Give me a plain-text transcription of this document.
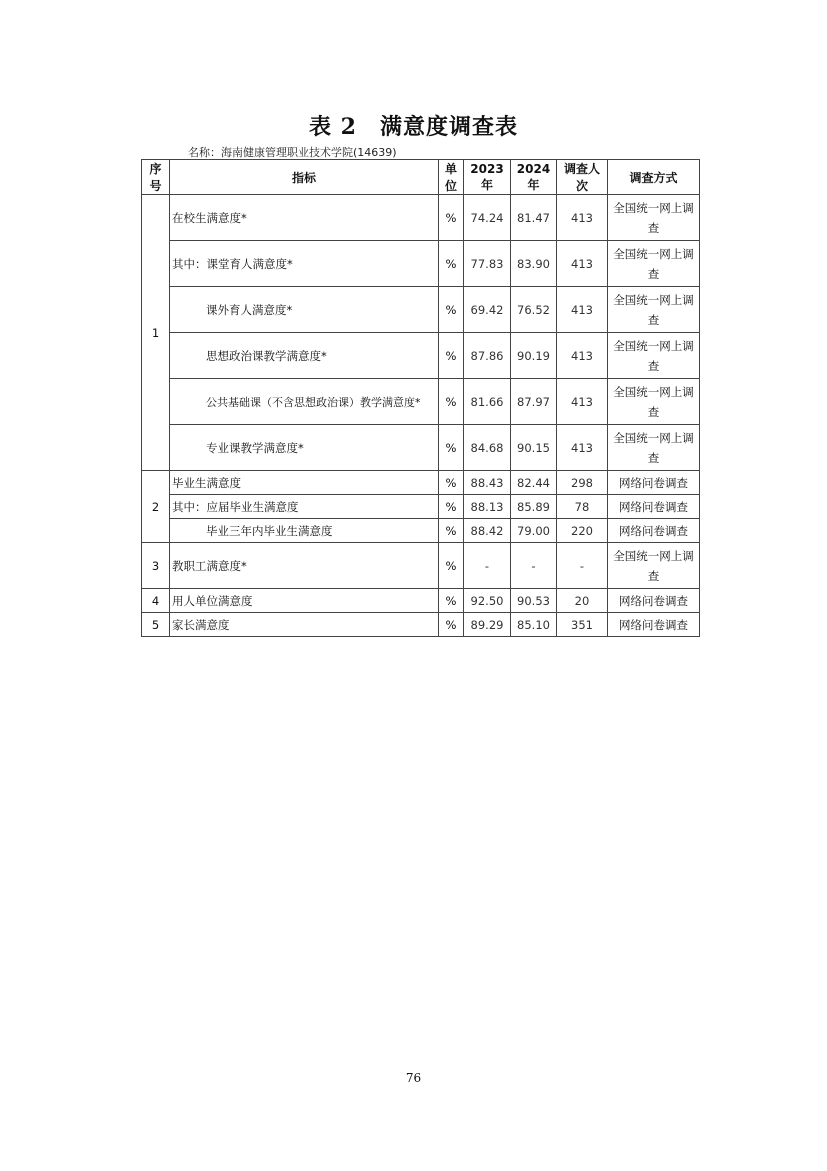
表 2　满意度调查表
名称：海南健康管理职业技术学院(14639)
序号	指标	单位	2023年	2024年	调查人次	调查方式
1	在校生满意度*	%	74.24	81.47	413	全国统一网上调查
	其中：课堂育人满意度*	%	77.83	83.90	413	全国统一网上调查
	课外育人满意度*	%	69.42	76.52	413	全国统一网上调查
	思想政治课教学满意度*	%	87.86	90.19	413	全国统一网上调查
	公共基础课（不含思想政治课）教学满意度*	%	81.66	87.97	413	全国统一网上调查
	专业课教学满意度*	%	84.68	90.15	413	全国统一网上调查
2	毕业生满意度	%	88.43	82.44	298	网络问卷调查
	其中：应届毕业生满意度	%	88.13	85.89	78	网络问卷调查
	毕业三年内毕业生满意度	%	88.42	79.00	220	网络问卷调查
3	教职工满意度*	%	-	-	-	全国统一网上调查
4	用人单位满意度	%	92.50	90.53	20	网络问卷调查
5	家长满意度	%	89.29	85.10	351	网络问卷调查
76
